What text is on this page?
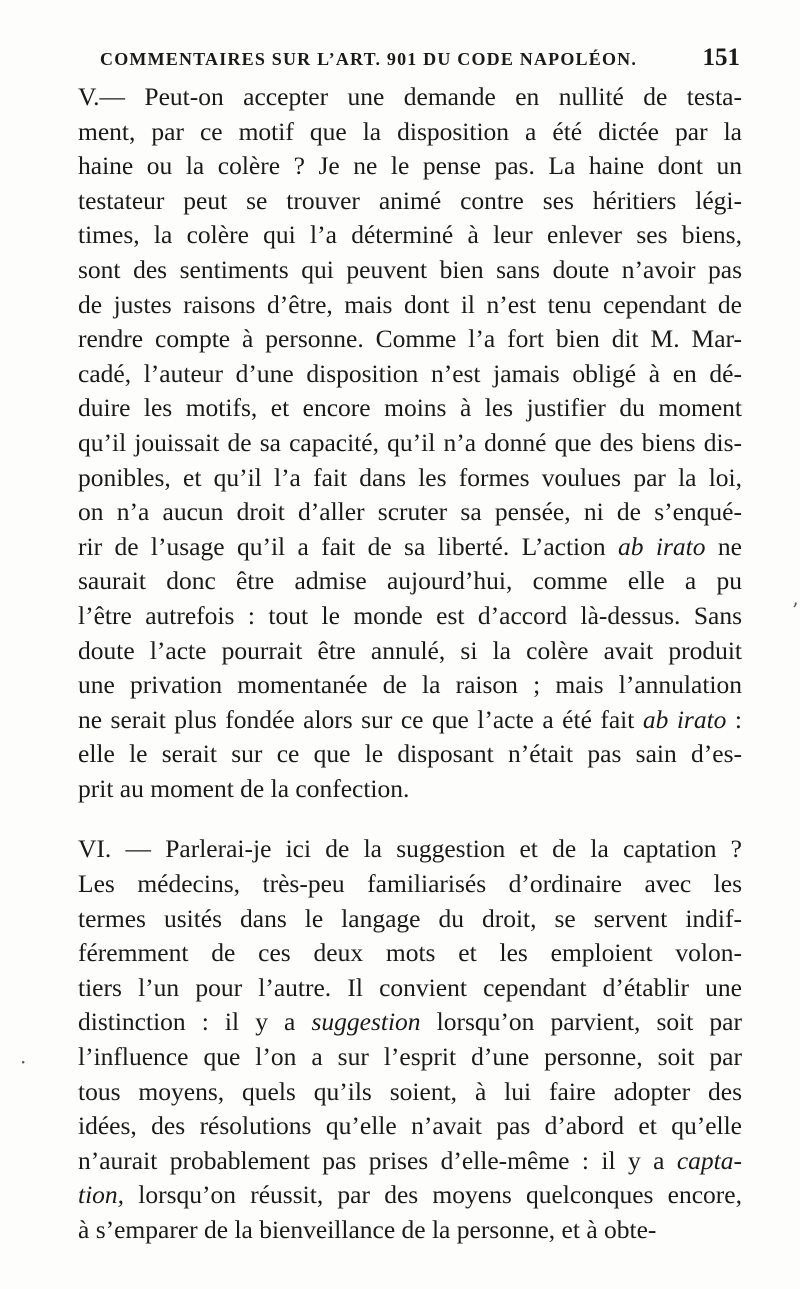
COMMENTAIRES SUR L’ART. 901 DU CODE NAPOLÉON.	151

V.— Peut-on accepter une demande en nullité de testa-
ment, par ce motif que la disposition a été dictée par la
haine ou la colère ? Je ne le pense pas. La haine dont un
testateur peut se trouver animé contre ses héritiers légi-
times, la colère qui l’a déterminé à leur enlever ses biens,
sont des sentiments qui peuvent bien sans doute n’avoir pas
de justes raisons d’être, mais dont il n’est tenu cependant de
rendre compte à personne. Comme l’a fort bien dit M. Mar-
cadé, l’auteur d’une disposition n’est jamais obligé à en dé-
duire les motifs, et encore moins à les justifier du moment
qu’il jouissait de sa capacité, qu’il n’a donné que des biens dis-
ponibles, et qu’il l’a fait dans les formes voulues par la loi,
on n’a aucun droit d’aller scruter sa pensée, ni de s’enqué-
rir de l’usage qu’il a fait de sa liberté. L’action ab irato ne
saurait donc être admise aujourd’hui, comme elle a pu
l’être autrefois : tout le monde est d’accord là-dessus. Sans
doute l’acte pourrait être annulé, si la colère avait produit
une privation momentanée de la raison ; mais l’annulation
ne serait plus fondée alors sur ce que l’acte a été fait ab irato :
elle le serait sur ce que le disposant n’était pas sain d’es-
prit au moment de la confection.

VI. — Parlerai-je ici de la suggestion et de la captation ?
Les médecins, très-peu familiarisés d’ordinaire avec les
termes usités dans le langage du droit, se servent indif-
féremment de ces deux mots et les emploient volon-
tiers l’un pour l’autre. Il convient cependant d’établir une
distinction : il y a suggestion lorsqu’on parvient, soit par
l’influence que l’on a sur l’esprit d’une personne, soit par
tous moyens, quels qu’ils soient, à lui faire adopter des
idées, des résolutions qu’elle n’avait pas d’abord et qu’elle
n’aurait probablement pas prises d’elle-même : il y a capta-
tion, lorsqu’on réussit, par des moyens quelconques encore,
à s’emparer de la bienveillance de la personne, et à obte-

’
·
